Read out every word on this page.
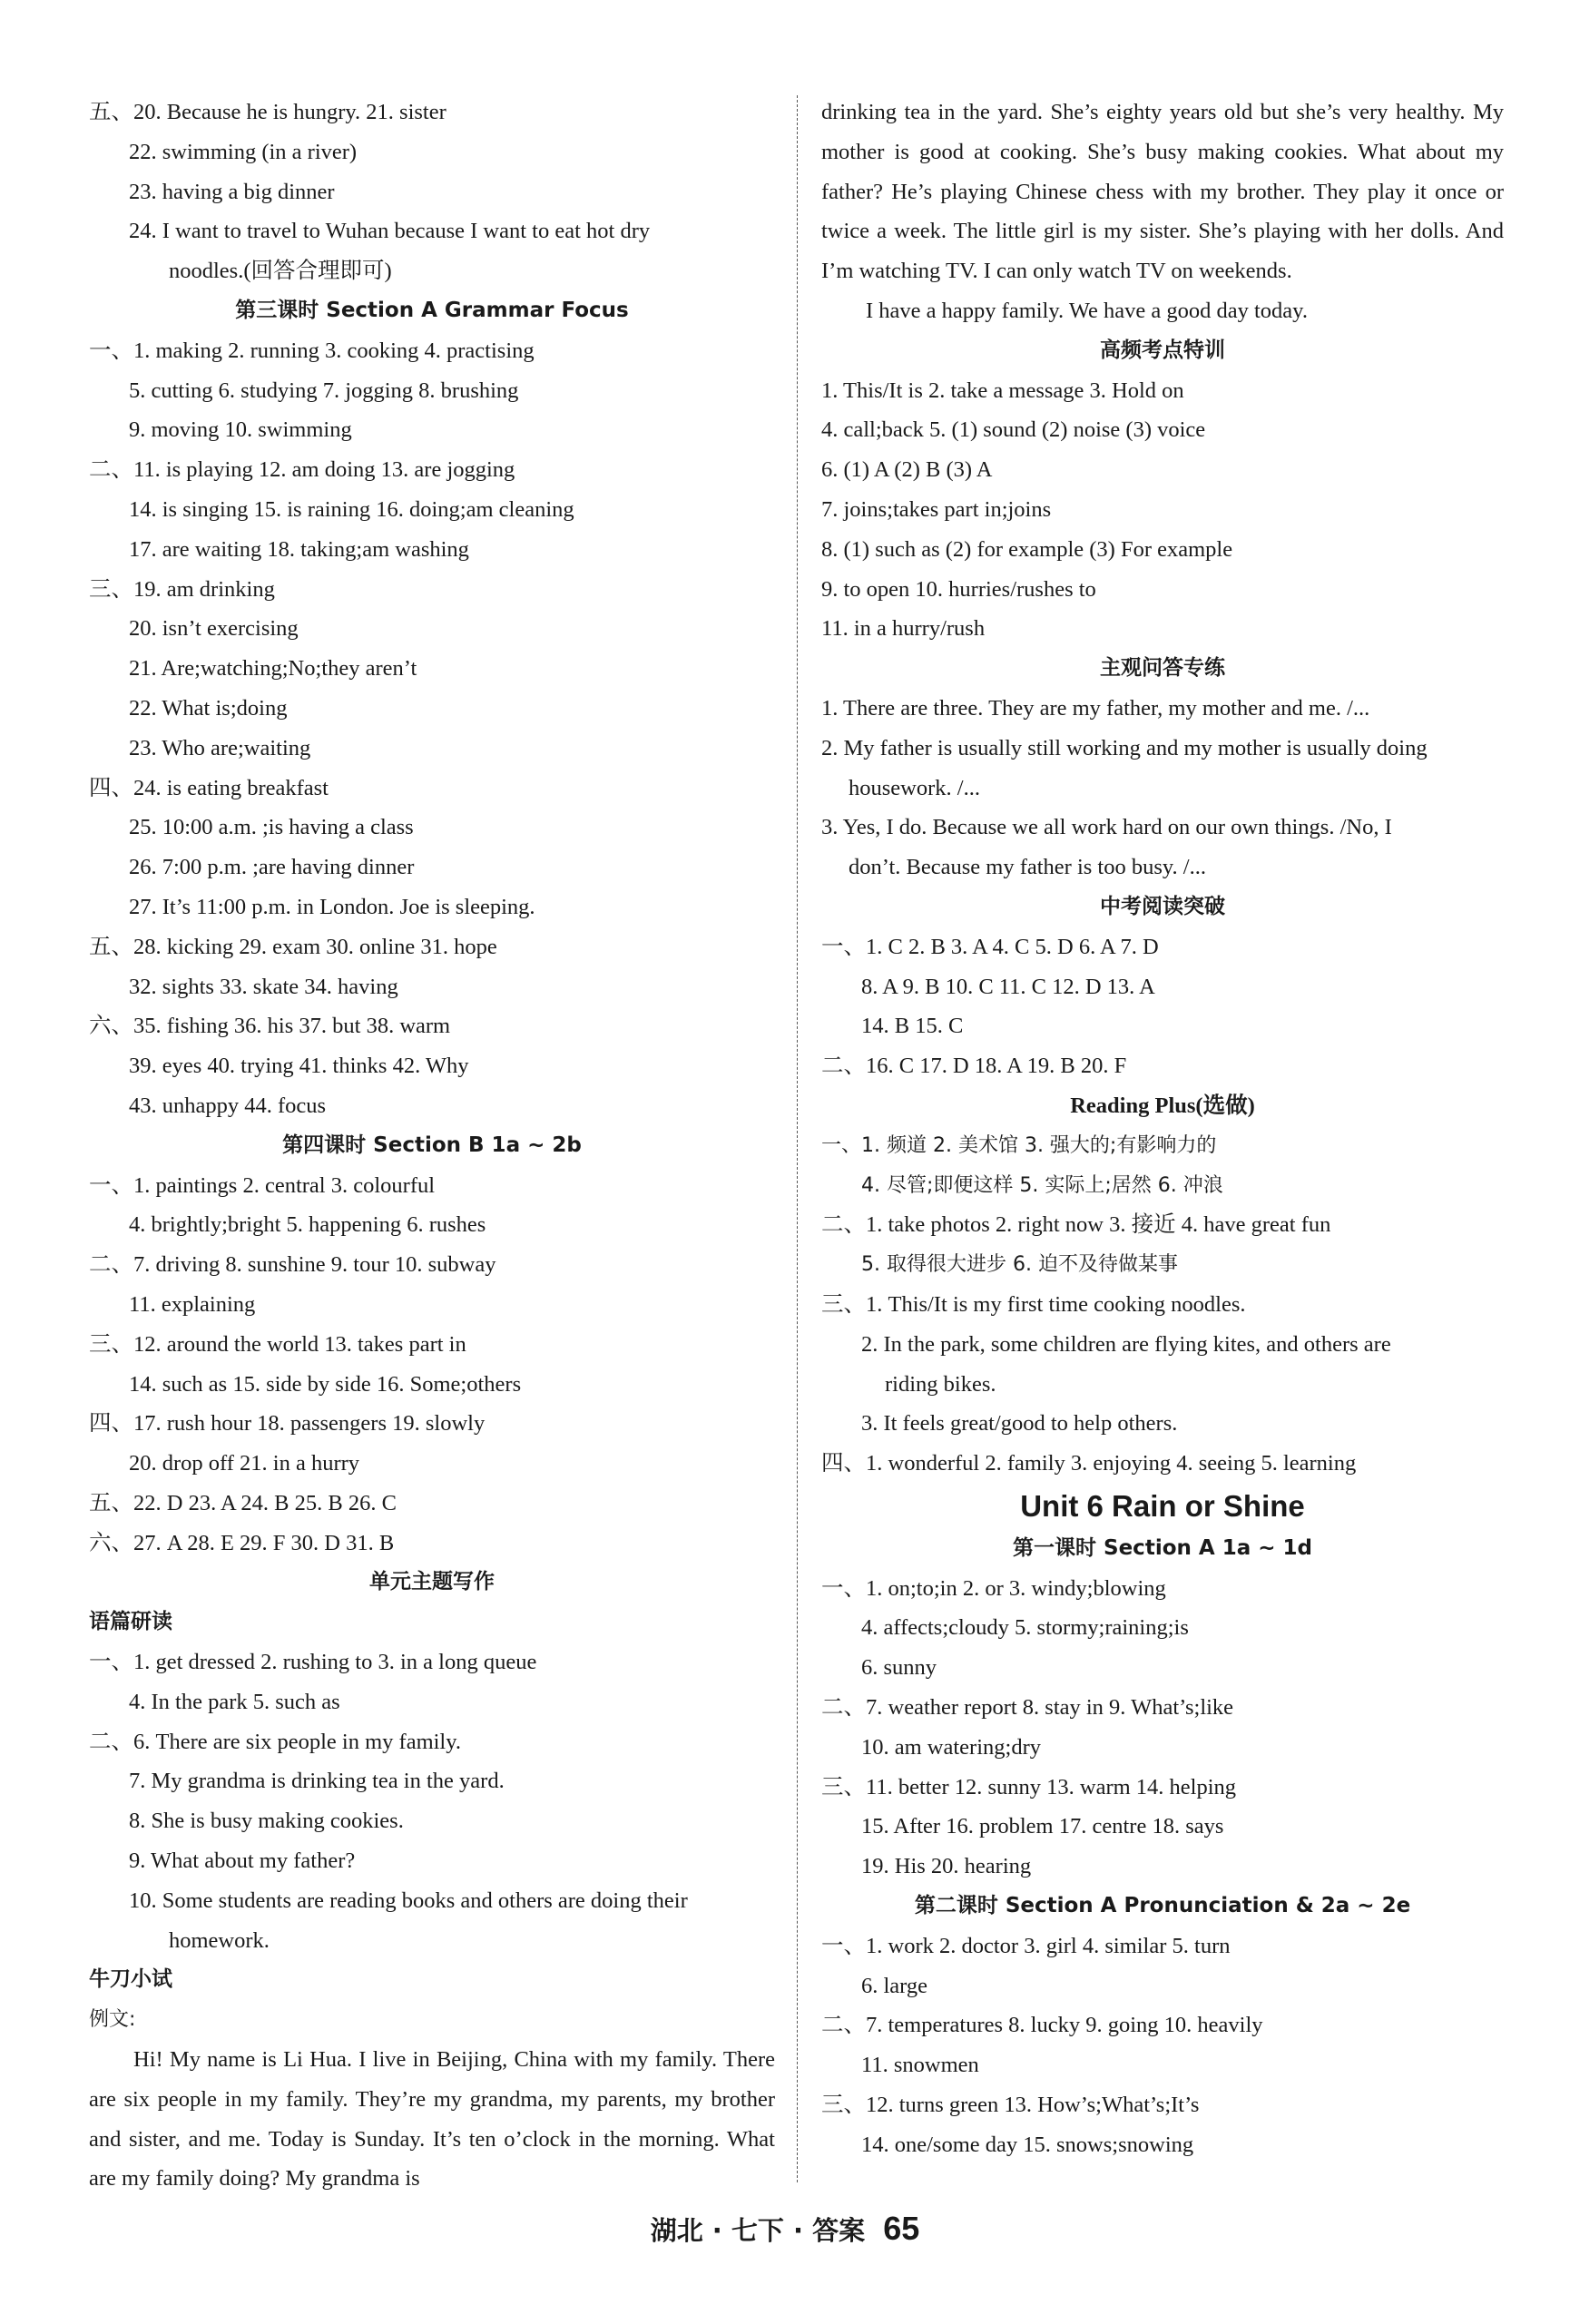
五、20. Because he is hungry. 21. sister
22. swimming (in a river)
23. having a big dinner
24. I want to travel to Wuhan because I want to eat hot dry
noodles.(回答合理即可)
第三课时 Section A Grammar Focus
一、1. making 2. running 3. cooking 4. practising
5. cutting 6. studying 7. jogging 8. brushing
9. moving 10. swimming
二、11. is playing 12. am doing 13. are jogging
14. is singing 15. is raining 16. doing;am cleaning
17. are waiting 18. taking;am washing
三、19. am drinking
20. isn’t exercising
21. Are;watching;No;they aren’t
22. What is;doing
23. Who are;waiting
四、24. is eating breakfast
25. 10:00 a.m. ;is having a class
26. 7:00 p.m. ;are having dinner
27. It’s 11:00 p.m. in London. Joe is sleeping.
五、28. kicking 29. exam 30. online 31. hope
32. sights 33. skate 34. having
六、35. fishing 36. his 37. but 38. warm
39. eyes 40. trying 41. thinks 42. Why
43. unhappy 44. focus
第四课时 Section B 1a ~ 2b
一、1. paintings 2. central 3. colourful
4. brightly;bright 5. happening 6. rushes
二、7. driving 8. sunshine 9. tour 10. subway
11. explaining
三、12. around the world 13. takes part in
14. such as 15. side by side 16. Some;others
四、17. rush hour 18. passengers 19. slowly
20. drop off 21. in a hurry
五、22. D 23. A 24. B 25. B 26. C
六、27. A 28. E 29. F 30. D 31. B
单元主题写作
语篇研读
一、1. get dressed 2. rushing to 3. in a long queue
4. In the park 5. such as
二、6. There are six people in my family.
7. My grandma is drinking tea in the yard.
8. She is busy making cookies.
9. What about my father?
10. Some students are reading books and others are doing their
homework.
牛刀小试
例文:
Hi! My name is Li Hua. I live in Beijing, China with my family. There are six people in my family. They’re my grandma, my parents, my brother and sister, and me. Today is Sunday. It’s ten o’clock in the morning. What are my family doing? My grandma is
drinking tea in the yard. She’s eighty years old but she’s very healthy. My mother is good at cooking. She’s busy making cookies. What about my father? He’s playing Chinese chess with my brother. They play it once or twice a week. The little girl is my sister. She’s playing with her dolls. And I’m watching TV. I can only watch TV on weekends.
I have a happy family. We have a good day today.
高频考点特训
1. This/It is 2. take a message 3. Hold on
4. call;back 5. (1) sound (2) noise (3) voice
6. (1) A (2) B (3) A
7. joins;takes part in;joins
8. (1) such as (2) for example (3) For example
9. to open 10. hurries/rushes to
11. in a hurry/rush
主观问答专练
1. There are three. They are my father, my mother and me. /...
2. My father is usually still working and my mother is usually doing
housework. /...
3. Yes, I do. Because we all work hard on our own things. /No, I
don’t. Because my father is too busy. /...
中考阅读突破
一、1. C 2. B 3. A 4. C 5. D 6. A 7. D
8. A 9. B 10. C 11. C 12. D 13. A
14. B 15. C
二、16. C 17. D 18. A 19. B 20. F
Reading Plus(选做)
一、1. 频道 2. 美术馆 3. 强大的;有影响力的
4. 尽管;即便这样 5. 实际上;居然 6. 冲浪
二、1. take photos 2. right now 3. 接近 4. have great fun
5. 取得很大进步 6. 迫不及待做某事
三、1. This/It is my first time cooking noodles.
2. In the park, some children are flying kites, and others are
riding bikes.
3. It feels great/good to help others.
四、1. wonderful 2. family 3. enjoying 4. seeing 5. learning
Unit 6 Rain or Shine
第一课时 Section A 1a ~ 1d
一、1. on;to;in 2. or 3. windy;blowing
4. affects;cloudy 5. stormy;raining;is
6. sunny
二、7. weather report 8. stay in 9. What’s;like
10. am watering;dry
三、11. better 12. sunny 13. warm 14. helping
15. After 16. problem 17. centre 18. says
19. His 20. hearing
第二课时 Section A Pronunciation & 2a ~ 2e
一、1. work 2. doctor 3. girl 4. similar 5. turn
6. large
二、7. temperatures 8. lucky 9. going 10. heavily
11. snowmen
三、12. turns green 13. How’s;What’s;It’s
14. one/some day 15. snows;snowing
湖北 · 七下 · 答案 65
